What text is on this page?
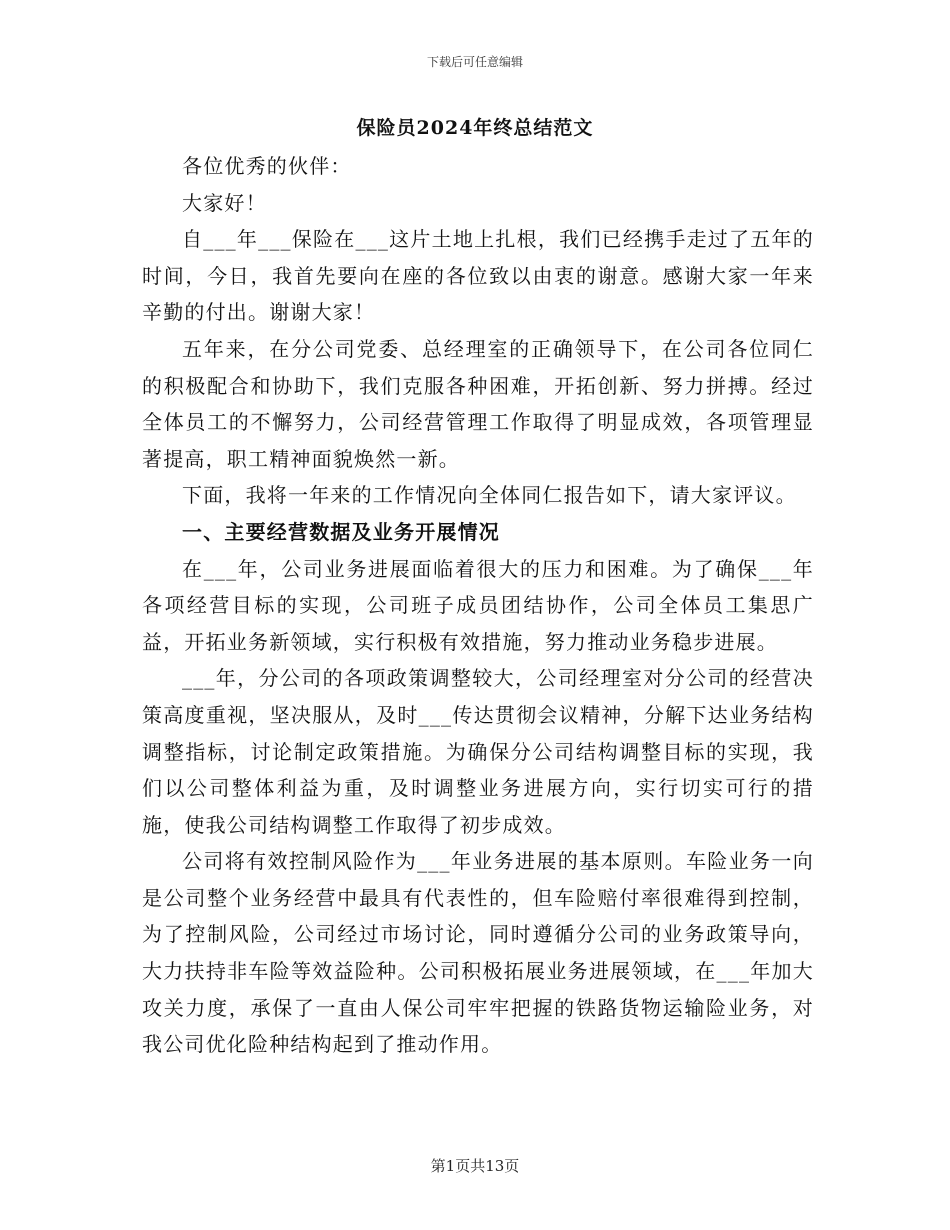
下载后可任意编辑
保险员2024年终总结范文

各位优秀的伙伴：

大家好！

自___年___保险在___这片土地上扎根，我们已经携手走过了五年的时间，今日，我首先要向在座的各位致以由衷的谢意。感谢大家一年来辛勤的付出。谢谢大家！

五年来，在分公司党委、总经理室的正确领导下，在公司各位同仁的积极配合和协助下，我们克服各种困难，开拓创新、努力拼搏。经过全体员工的不懈努力，公司经营管理工作取得了明显成效，各项管理显著提高，职工精神面貌焕然一新。

下面，我将一年来的工作情况向全体同仁报告如下，请大家评议。

一、主要经营数据及业务开展情况

在___年，公司业务进展面临着很大的压力和困难。为了确保___年各项经营目标的实现，公司班子成员团结协作，公司全体员工集思广益，开拓业务新领域，实行积极有效措施，努力推动业务稳步进展。

___年，分公司的各项政策调整较大，公司经理室对分公司的经营决策高度重视，坚决服从，及时___传达贯彻会议精神，分解下达业务结构调整指标，讨论制定政策措施。为确保分公司结构调整目标的实现，我们以公司整体利益为重，及时调整业务进展方向，实行切实可行的措施，使我公司结构调整工作取得了初步成效。

公司将有效控制风险作为___年业务进展的基本原则。车险业务一向是公司整个业务经营中最具有代表性的，但车险赔付率很难得到控制，为了控制风险，公司经过市场讨论，同时遵循分公司的业务政策导向，大力扶持非车险等效益险种。公司积极拓展业务进展领域，在___年加大攻关力度，承保了一直由人保公司牢牢把握的铁路货物运输险业务，对我公司优化险种结构起到了推动作用。

第1页共13页
